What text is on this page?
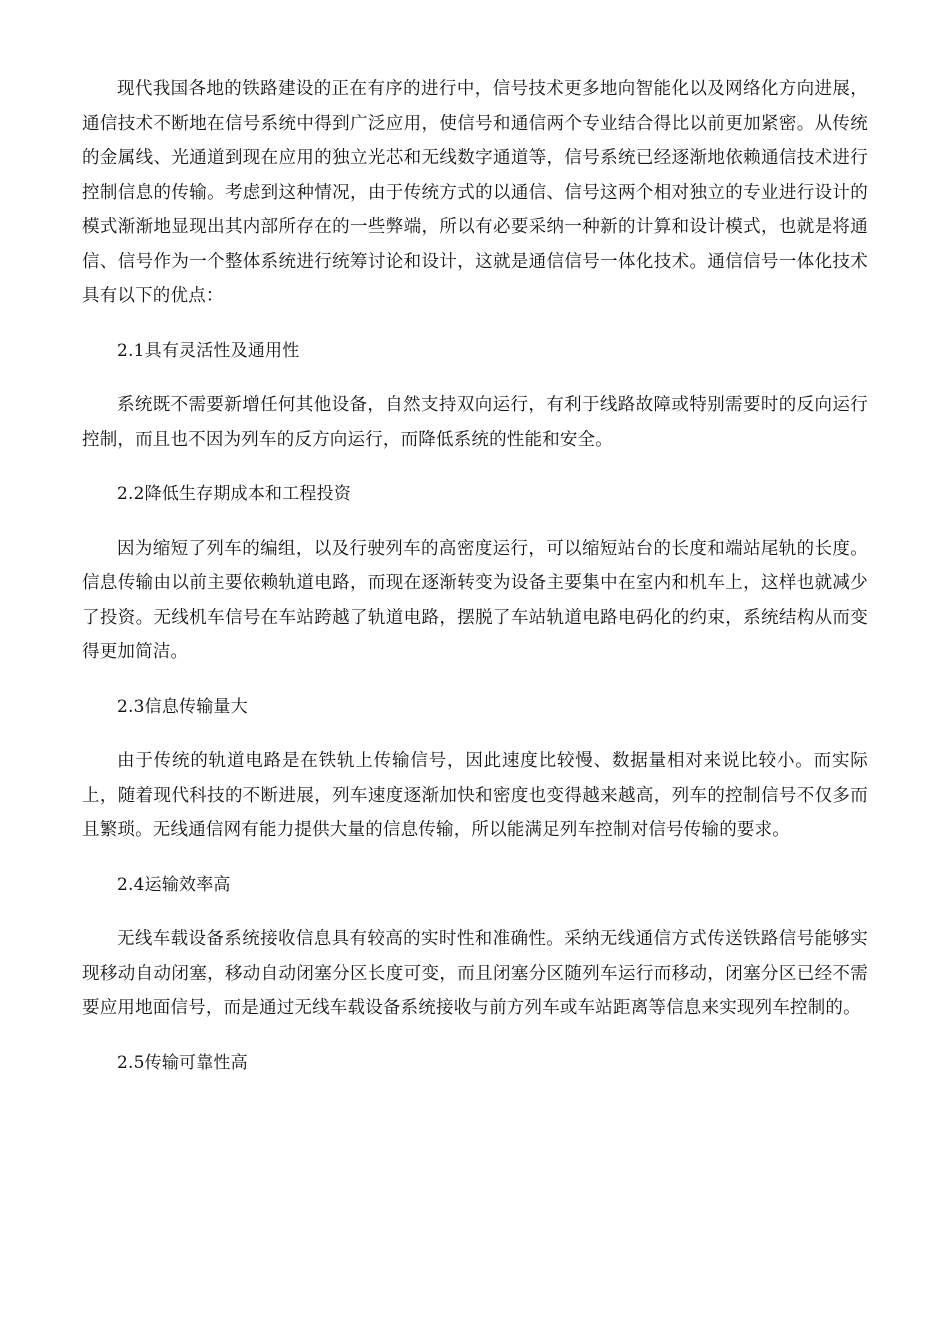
现代我国各地的铁路建设的正在有序的进行中，信号技术更多地向智能化以及网络化方向进展，通信技术不断地在信号系统中得到广泛应用，使信号和通信两个专业结合得比以前更加紧密。从传统的金属线、光通道到现在应用的独立光芯和无线数字通道等，信号系统已经逐渐地依赖通信技术进行控制信息的传输。考虑到这种情况，由于传统方式的以通信、信号这两个相对独立的专业进行设计的模式渐渐地显现出其内部所存在的一些弊端，所以有必要采纳一种新的计算和设计模式，也就是将通信、信号作为一个整体系统进行统筹讨论和设计，这就是通信信号一体化技术。通信信号一体化技术具有以下的优点：

2.1具有灵活性及通用性

系统既不需要新增任何其他设备，自然支持双向运行，有利于线路故障或特别需要时的反向运行控制，而且也不因为列车的反方向运行，而降低系统的性能和安全。

2.2降低生存期成本和工程投资

因为缩短了列车的编组，以及行驶列车的高密度运行，可以缩短站台的长度和端站尾轨的长度。信息传输由以前主要依赖轨道电路，而现在逐渐转变为设备主要集中在室内和机车上，这样也就减少了投资。无线机车信号在车站跨越了轨道电路，摆脱了车站轨道电路电码化的约束，系统结构从而变得更加简洁。

2.3信息传输量大

由于传统的轨道电路是在铁轨上传输信号，因此速度比较慢、数据量相对来说比较小。而实际上，随着现代科技的不断进展，列车速度逐渐加快和密度也变得越来越高，列车的控制信号不仅多而且繁琐。无线通信网有能力提供大量的信息传输，所以能满足列车控制对信号传输的要求。

2.4运输效率高

无线车载设备系统接收信息具有较高的实时性和准确性。采纳无线通信方式传送铁路信号能够实现移动自动闭塞，移动自动闭塞分区长度可变，而且闭塞分区随列车运行而移动，闭塞分区已经不需要应用地面信号，而是通过无线车载设备系统接收与前方列车或车站距离等信息来实现列车控制的。

2.5传输可靠性高
